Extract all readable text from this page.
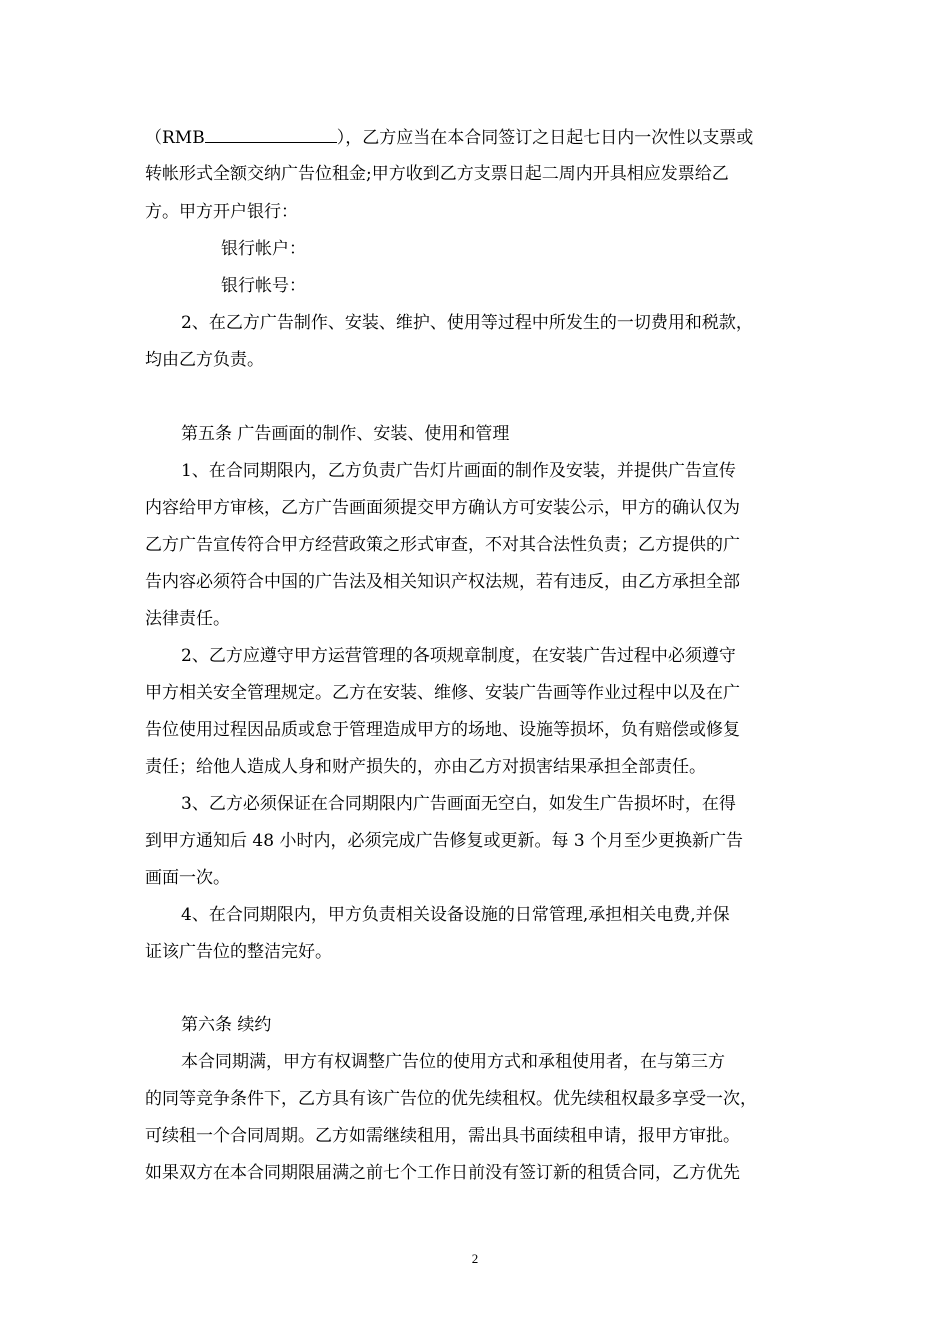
（RMB	），乙方应当在本合同签订之日起七日内一次性以支票或
转帐形式全额交纳广告位租金;甲方收到乙方支票日起二周内开具相应发票给乙
方。甲方开户银行：
银行帐户：
银行帐号：
2、在乙方广告制作、安装、维护、使用等过程中所发生的一切费用和税款，
均由乙方负责。
第五条 广告画面的制作、安装、使用和管理
1、在合同期限内，乙方负责广告灯片画面的制作及安装，并提供广告宣传
内容给甲方审核，乙方广告画面须提交甲方确认方可安装公示，甲方的确认仅为
乙方广告宣传符合甲方经营政策之形式审查，不对其合法性负责；乙方提供的广
告内容必须符合中国的广告法及相关知识产权法规，若有违反，由乙方承担全部
法律责任。
2、乙方应遵守甲方运营管理的各项规章制度，在安装广告过程中必须遵守
甲方相关安全管理规定。乙方在安装、维修、安装广告画等作业过程中以及在广
告位使用过程因品质或怠于管理造成甲方的场地、设施等损坏，负有赔偿或修复
责任；给他人造成人身和财产损失的，亦由乙方对损害结果承担全部责任。
3、乙方必须保证在合同期限内广告画面无空白，如发生广告损坏时，在得
到甲方通知后 48 小时内，必须完成广告修复或更新。每 3 个月至少更换新广告
画面一次。
4、在合同期限内，甲方负责相关设备设施的日常管理,承担相关电费,并保
证该广告位的整洁完好。
第六条 续约
本合同期满，甲方有权调整广告位的使用方式和承租使用者，在与第三方
的同等竞争条件下，乙方具有该广告位的优先续租权。优先续租权最多享受一次，
可续租一个合同周期。乙方如需继续租用，需出具书面续租申请，报甲方审批。
如果双方在本合同期限届满之前七个工作日前没有签订新的租赁合同，乙方优先
2
